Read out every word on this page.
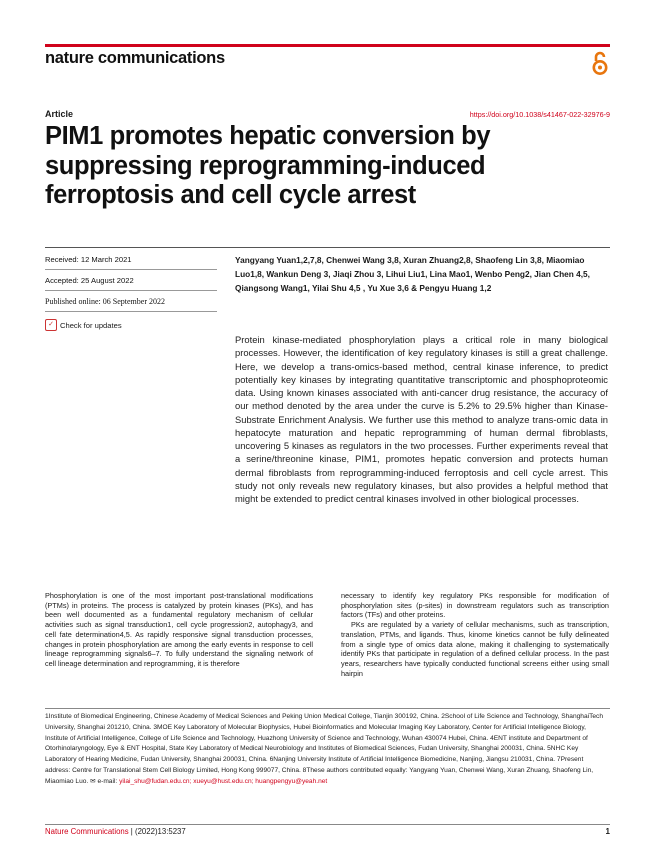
nature communications
Article	https://doi.org/10.1038/s41467-022-32976-9
PIM1 promotes hepatic conversion by suppressing reprogramming-induced ferroptosis and cell cycle arrest
Received: 12 March 2021
Accepted: 25 August 2022
Published online: 06 September 2022
✓ Check for updates
Yangyang Yuan1,2,7,8, Chenwei Wang 3,8, Xuran Zhuang2,8, Shaofeng Lin 3,8, Miaomiao Luo1,8, Wankun Deng 3, Jiaqi Zhou 3, Lihui Liu1, Lina Mao1, Wenbo Peng2, Jian Chen 4,5, Qiangsong Wang1, Yilai Shu 4,5 , Yu Xue 3,6 & Pengyu Huang 1,2
Protein kinase-mediated phosphorylation plays a critical role in many biological processes. However, the identification of key regulatory kinases is still a great challenge. Here, we develop a trans-omics-based method, central kinase inference, to predict potentially key kinases by integrating quantitative transcriptomic and phosphoproteomic data. Using known kinases associated with anti-cancer drug resistance, the accuracy of our method denoted by the area under the curve is 5.2% to 29.5% higher than Kinase-Substrate Enrichment Analysis. We further use this method to analyze trans-omic data in hepatocyte maturation and hepatic reprogramming of human dermal fibroblasts, uncovering 5 kinases as regulators in the two processes. Further experiments reveal that a serine/threonine kinase, PIM1, promotes hepatic conversion and protects human dermal fibroblasts from reprogramming-induced ferroptosis and cell cycle arrest. This study not only reveals new regulatory kinases, but also provides a helpful method that might be extended to predict central kinases involved in other biological processes.

Phosphorylation is one of the most important post-translational modifications (PTMs) in proteins. The process is catalyzed by protein kinases (PKs), and has been well documented as a fundamental regulatory mechanism of cellular activities such as signal transduction1, cell cycle progression2, autophagy3, and cell fate determination4,5. As rapidly responsive signal transduction processes, changes in protein phosphorylation are among the early events in response to cell lineage reprogramming signals6–7. To fully understand the signaling network of cell lineage determination and reprogramming, it is therefore

necessary to identify key regulatory PKs responsible for modification of phosphorylation sites (p-sites) in downstream regulators such as transcription factors (TFs) and other proteins.

PKs are regulated by a variety of cellular mechanisms, such as transcription, translation, PTMs, and ligands. Thus, kinome kinetics cannot be fully delineated from a single type of omics data alone, making it challenging to systematically identify PKs that participate in regulation of a defined cellular process. In the past years, researchers have typically conducted functional screens either using small hairpin

1Institute of Biomedical Engineering, Chinese Academy of Medical Sciences and Peking Union Medical College, Tianjin 300192, China. 2School of Life Science and Technology, ShanghaiTech University, Shanghai 201210, China. 3MOE Key Laboratory of Molecular Biophysics, Hubei Bioinformatics and Molecular Imaging Key Laboratory, Center for Artificial Intelligence Biology, Institute of Artificial Intelligence, College of Life Science and Technology, Huazhong University of Science and Technology, Wuhan 430074 Hubei, China. 4ENT institute and Department of Otorhinolaryngology, Eye & ENT Hospital, State Key Laboratory of Medical Neurobiology and Institutes of Biomedical Sciences, Fudan University, Shanghai 200031, China. 5NHC Key Laboratory of Hearing Medicine, Fudan University, Shanghai 200031, China. 6Nanjing University Institute of Artificial Intelligence Biomedicine, Nanjing, Jiangsu 210031, China. 7Present address: Centre for Translational Stem Cell Biology Limited, Hong Kong 999077, China. 8These authors contributed equally: Yangyang Yuan, Chenwei Wang, Xuran Zhuang, Shaofeng Lin, Miaomiao Luo. ✉ e-mail: yilai_shu@fudan.edu.cn; xueyu@hust.edu.cn; huangpengyu@yeah.net
Nature Communications | (2022)13:5237	1
